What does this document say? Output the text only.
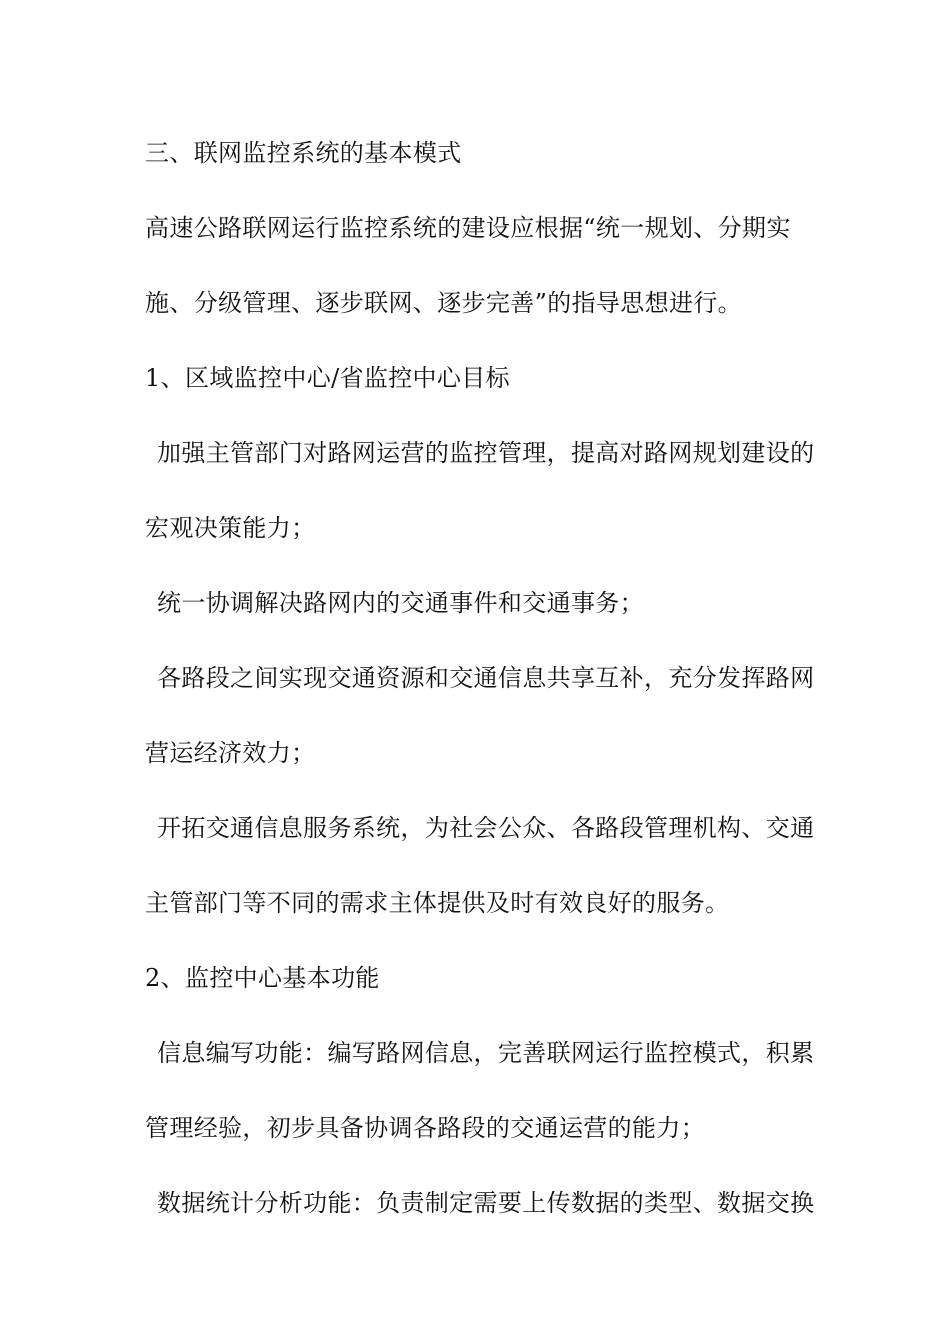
三、联网监控系统的基本模式
高速公路联网运行监控系统的建设应根据“统一规划、分期实
施、分级管理、逐步联网、逐步完善”的指导思想进行。
1、区域监控中心/省监控中心目标
加强主管部门对路网运营的监控管理，提高对路网规划建设的
宏观决策能力；
统一协调解决路网内的交通事件和交通事务；
各路段之间实现交通资源和交通信息共享互补，充分发挥路网
营运经济效力；
开拓交通信息服务系统，为社会公众、各路段管理机构、交通
主管部门等不同的需求主体提供及时有效良好的服务。
2、监控中心基本功能
信息编写功能：编写路网信息，完善联网运行监控模式，积累
管理经验，初步具备协调各路段的交通运营的能力；
数据统计分析功能：负责制定需要上传数据的类型、数据交换
